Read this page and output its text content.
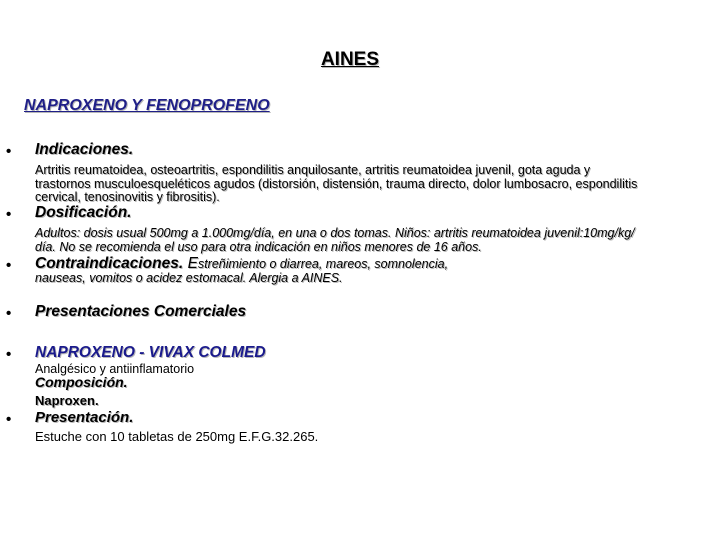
AINES
NAPROXENO Y FENOPROFENO
• Indicaciones.
Artritis reumatoidea, osteoartritis, espondilitis anquilosante, artritis reumatoidea juvenil, gota aguda y
trastornos musculoesqueléticos agudos (distorsión, distensión, trauma directo, dolor lumbosacro, espondilitis
cervical, tenosinovitis y fibrositis).
• Dosificación.
Adultos: dosis usual 500mg a 1.000mg/día, en una o dos tomas. Niños: artritis reumatoidea juvenil:10mg/kg/
día. No se recomienda el uso para otra indicación en niños menores de 16 años.
• Contraindicaciones. Estreñimiento o diarrea, mareos, somnolencia,
nauseas, vomitos o acidez estomacal. Alergia a AINES.
• Presentaciones Comerciales
• NAPROXENO - VIVAX COLMED
Analgésico y antiinflamatorio
Composición.
Naproxen.
• Presentación.
Estuche con 10 tabletas de 250mg E.F.G.32.265.
